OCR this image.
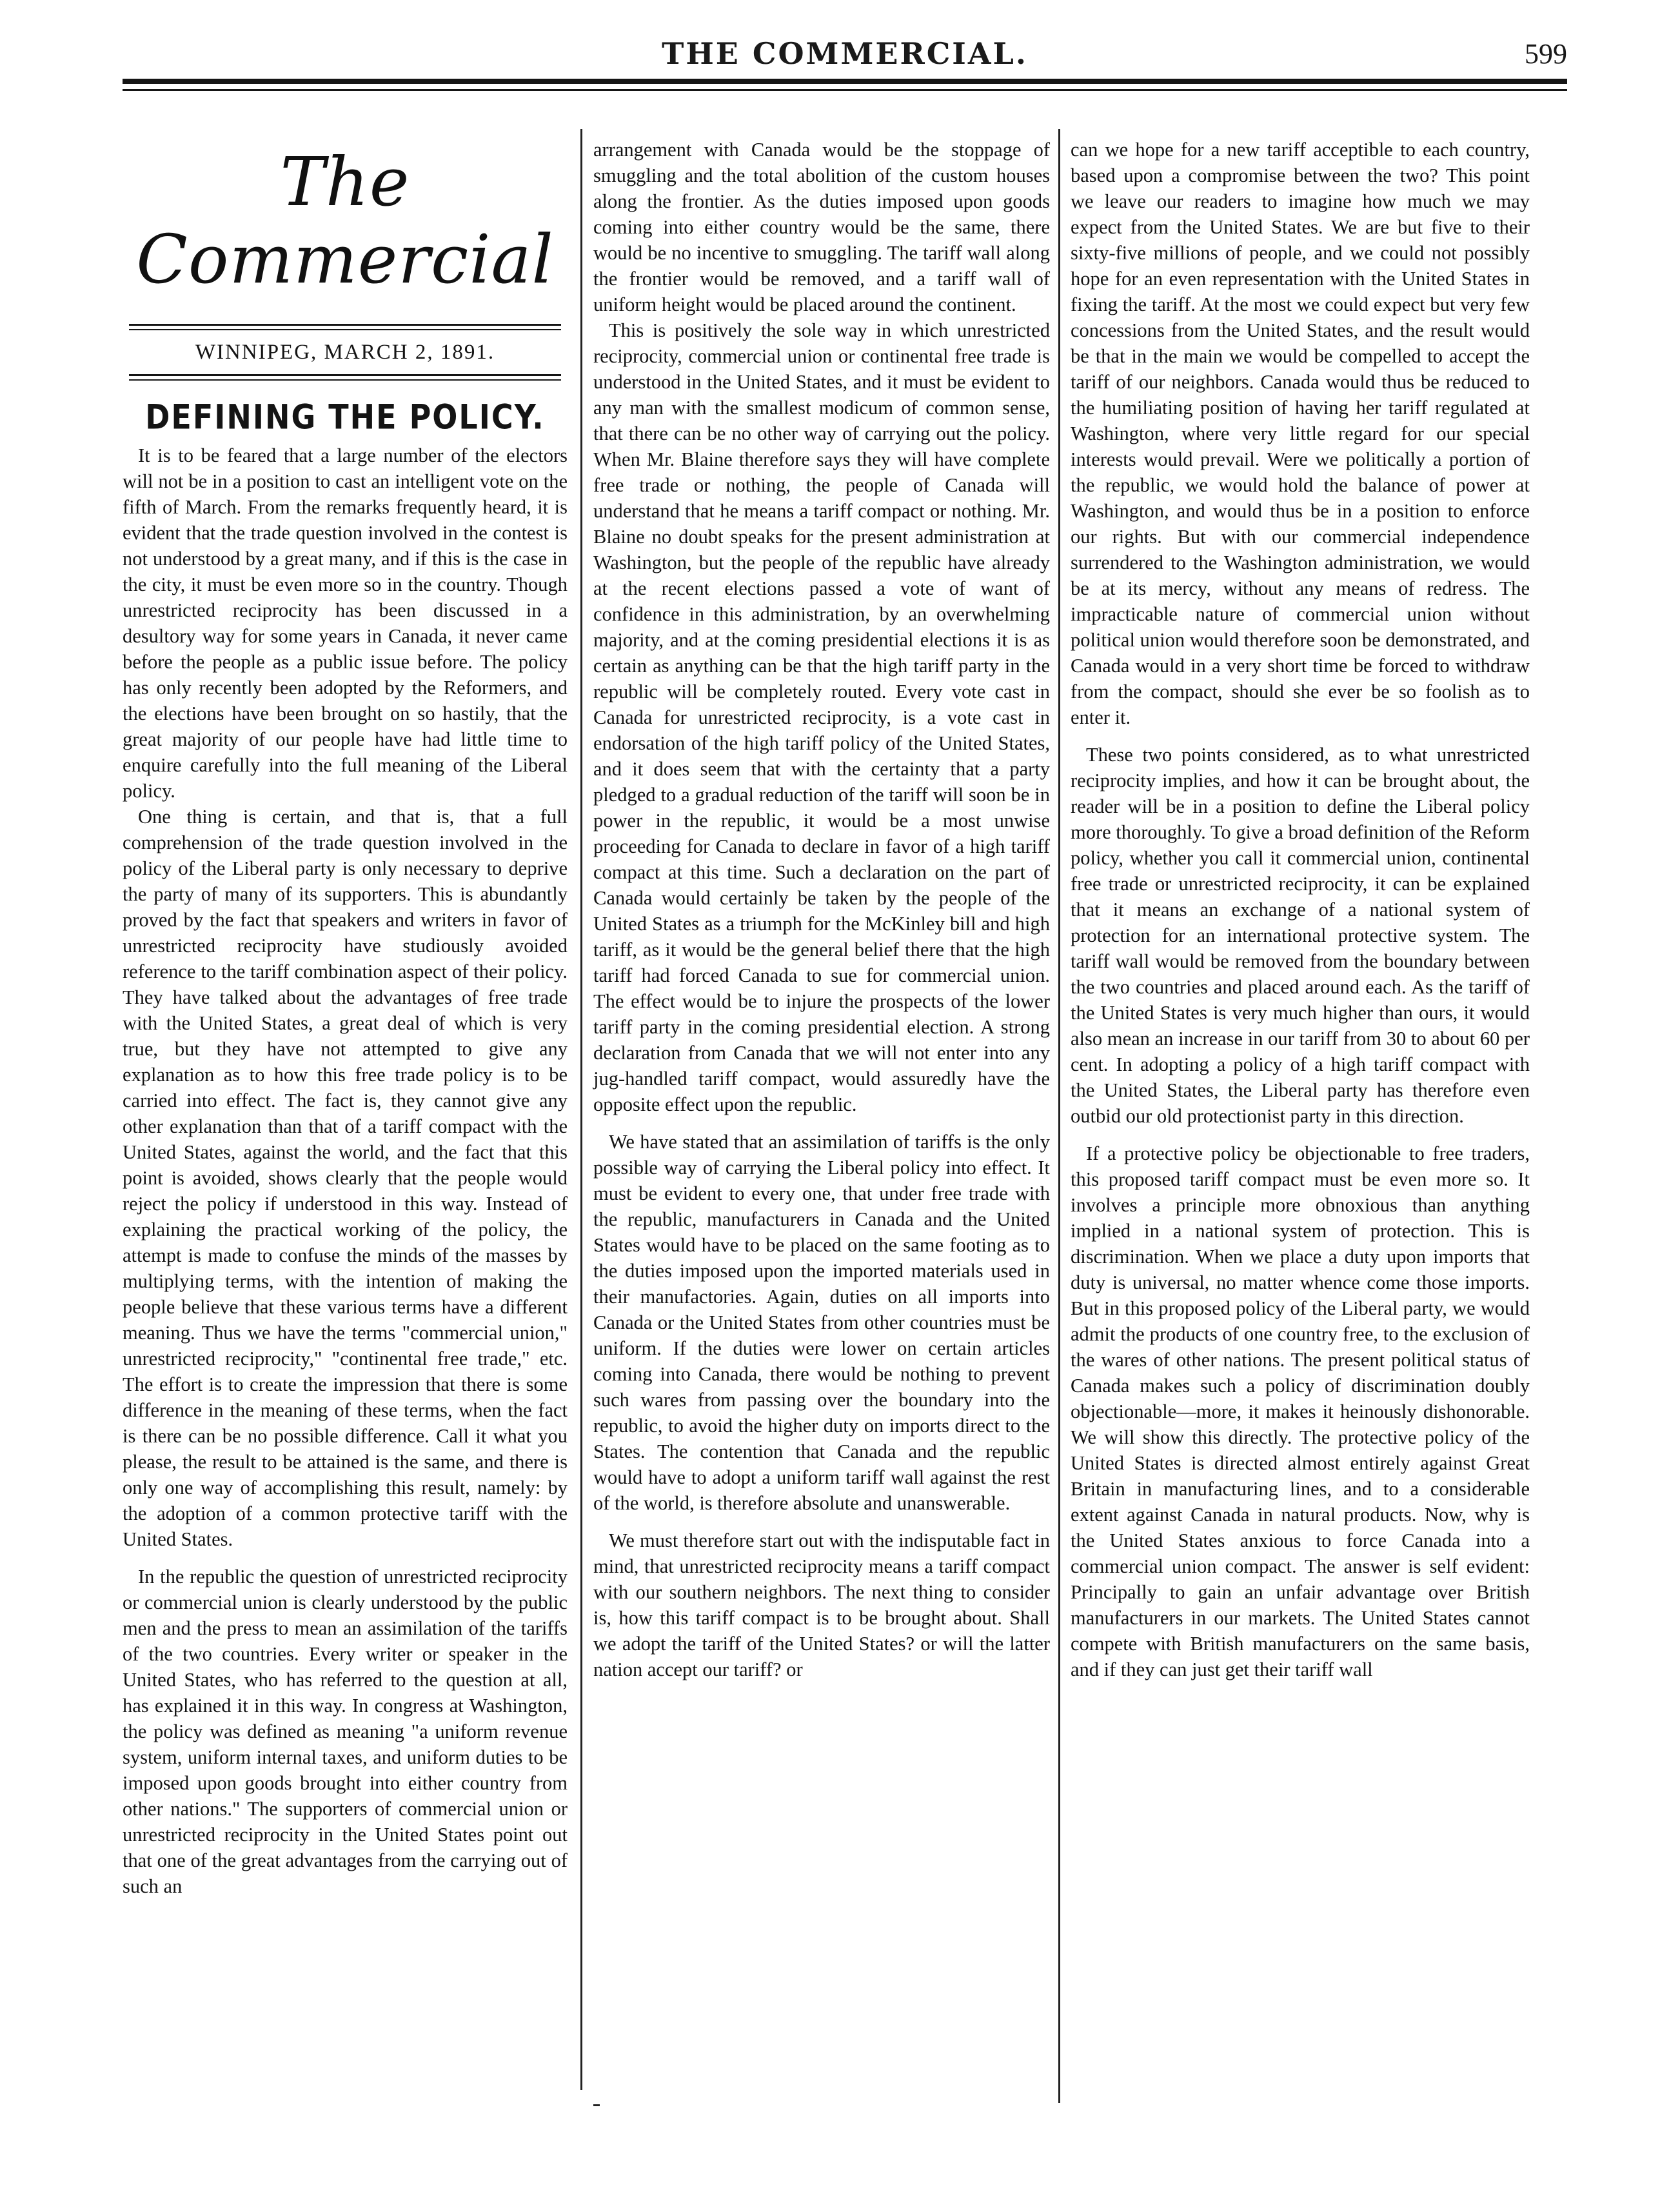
THE COMMERCIAL.	599
The Commercial
WINNIPEG, MARCH 2, 1891.
DEFINING THE POLICY.

It is to be feared that a large number of the electors will not be in a position to cast an intelligent vote on the fifth of March. From the remarks frequently heard, it is evident that the trade question involved in the contest is not understood by a great many, and if this is the case in the city, it must be even more so in the country. Though unrestricted reciprocity has been discussed in a desultory way for some years in Canada, it never came before the people as a public issue before. The policy has only recently been adopted by the Reformers, and the elections have been brought on so hastily, that the great majority of our people have had little time to enquire carefully into the full meaning of the Liberal policy.

One thing is certain, and that is, that a full comprehension of the trade question involved in the policy of the Liberal party is only necessary to deprive the party of many of its supporters. This is abundantly proved by the fact that speakers and writers in favor of unrestricted reciprocity have studiously avoided reference to the tariff combination aspect of their policy. They have talked about the advantages of free trade with the United States, a great deal of which is very true, but they have not attempted to give any explanation as to how this free trade policy is to be carried into effect. The fact is, they cannot give any other explanation than that of a tariff compact with the United States, against the world, and the fact that this point is avoided, shows clearly that the people would reject the policy if understood in this way. Instead of explaining the practical working of the policy, the attempt is made to confuse the minds of the masses by multiplying terms, with the intention of making the people believe that these various terms have a different meaning. Thus we have the terms "commercial union," unrestricted reciprocity," "continental free trade," etc. The effort is to create the impression that there is some difference in the meaning of these terms, when the fact is there can be no possible difference. Call it what you please, the result to be attained is the same, and there is only one way of accomplishing this result, namely: by the adoption of a common protective tariff with the United States.

In the republic the question of unrestricted reciprocity or commercial union is clearly understood by the public men and the press to mean an assimilation of the tariffs of the two countries. Every writer or speaker in the United States, who has referred to the question at all, has explained it in this way. In congress at Washington, the policy was defined as meaning "a uniform revenue system, uniform internal taxes, and uniform duties to be imposed upon goods brought into either country from other nations." The supporters of commercial union or unrestricted reciprocity in the United States point out that one of the great advantages from the carrying out of such an

arrangement with Canada would be the stoppage of smuggling and the total abolition of the custom houses along the frontier. As the duties imposed upon goods coming into either country would be the same, there would be no incentive to smuggling. The tariff wall along the frontier would be removed, and a tariff wall of uniform height would be placed around the continent.

This is positively the sole way in which unrestricted reciprocity, commercial union or continental free trade is understood in the United States, and it must be evident to any man with the smallest modicum of common sense, that there can be no other way of carrying out the policy. When Mr. Blaine therefore says they will have complete free trade or nothing, the people of Canada will understand that he means a tariff compact or nothing. Mr. Blaine no doubt speaks for the present administration at Washington, but the people of the republic have already at the recent elections passed a vote of want of confidence in this administration, by an overwhelming majority, and at the coming presidential elections it is as certain as anything can be that the high tariff party in the republic will be completely routed. Every vote cast in Canada for unrestricted reciprocity, is a vote cast in endorsation of the high tariff policy of the United States, and it does seem that with the certainty that a party pledged to a gradual reduction of the tariff will soon be in power in the republic, it would be a most unwise proceeding for Canada to declare in favor of a high tariff compact at this time. Such a declaration on the part of Canada would certainly be taken by the people of the United States as a triumph for the McKinley bill and high tariff, as it would be the general belief there that the high tariff had forced Canada to sue for commercial union. The effect would be to injure the prospects of the lower tariff party in the coming presidential election. A strong declaration from Canada that we will not enter into any jug-handled tariff compact, would assuredly have the opposite effect upon the republic.

We have stated that an assimilation of tariffs is the only possible way of carrying the Liberal policy into effect. It must be evident to every one, that under free trade with the republic, manufacturers in Canada and the United States would have to be placed on the same footing as to the duties imposed upon the imported materials used in their manufactories. Again, duties on all imports into Canada or the United States from other countries must be uniform. If the duties were lower on certain articles coming into Canada, there would be nothing to prevent such wares from passing over the boundary into the republic, to avoid the higher duty on imports direct to the States. The contention that Canada and the republic would have to adopt a uniform tariff wall against the rest of the world, is therefore absolute and unanswerable.

We must therefore start out with the indisputable fact in mind, that unrestricted reciprocity means a tariff compact with our southern neighbors. The next thing to consider is, how this tariff compact is to be brought about. Shall we adopt the tariff of the United States? or will the latter nation accept our tariff? or

can we hope for a new tariff acceptible to each country, based upon a compromise between the two? This point we leave our readers to imagine how much we may expect from the United States. We are but five to their sixty-five millions of people, and we could not possibly hope for an even representation with the United States in fixing the tariff. At the most we could expect but very few concessions from the United States, and the result would be that in the main we would be compelled to accept the tariff of our neighbors. Canada would thus be reduced to the humiliating position of having her tariff regulated at Washington, where very little regard for our special interests would prevail. Were we politically a portion of the republic, we would hold the balance of power at Washington, and would thus be in a position to enforce our rights. But with our commercial independence surrendered to the Washington administration, we would be at its mercy, without any means of redress. The impracticable nature of commercial union without political union would therefore soon be demonstrated, and Canada would in a very short time be forced to withdraw from the compact, should she ever be so foolish as to enter it.

These two points considered, as to what unrestricted reciprocity implies, and how it can be brought about, the reader will be in a position to define the Liberal policy more thoroughly. To give a broad definition of the Reform policy, whether you call it commercial union, continental free trade or unrestricted reciprocity, it can be explained that it means an exchange of a national system of protection for an international protective system. The tariff wall would be removed from the boundary between the two countries and placed around each. As the tariff of the United States is very much higher than ours, it would also mean an increase in our tariff from 30 to about 60 per cent. In adopting a policy of a high tariff compact with the United States, the Liberal party has therefore even outbid our old protectionist party in this direction.

If a protective policy be objectionable to free traders, this proposed tariff compact must be even more so. It involves a principle more obnoxious than anything implied in a national system of protection. This is discrimination. When we place a duty upon imports that duty is universal, no matter whence come those imports. But in this proposed policy of the Liberal party, we would admit the products of one country free, to the exclusion of the wares of other nations. The present political status of Canada makes such a policy of discrimination doubly objectionable—more, it makes it heinously dishonorable. We will show this directly. The protective policy of the United States is directed almost entirely against Great Britain in manufacturing lines, and to a considerable extent against Canada in natural products. Now, why is the United States anxious to force Canada into a commercial union compact. The answer is self evident: Principally to gain an unfair advantage over British manufacturers in our markets. The United States cannot compete with British manufacturers on the same basis, and if they can just get their tariff wall
